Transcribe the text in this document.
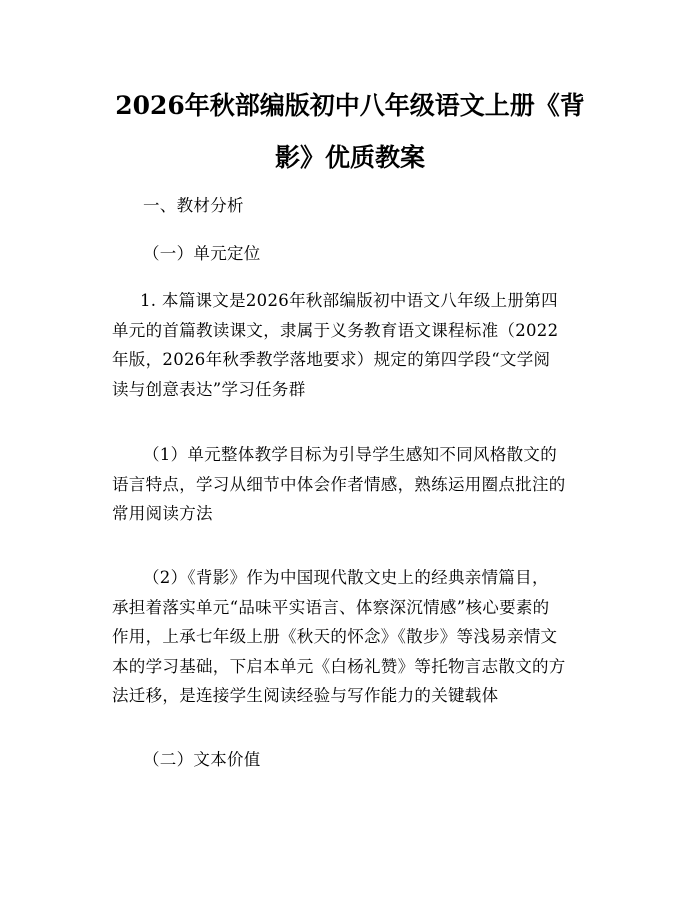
2026年秋部编版初中八年级语文上册《背
影》优质教案

一、教材分析

（一）单元定位

1. 本篇课文是2026年秋部编版初中语文八年级上册第四
单元的首篇教读课文，隶属于义务教育语文课程标准（2022
年版，2026年秋季教学落地要求）规定的第四学段“文学阅
读与创意表达”学习任务群

（1）单元整体教学目标为引导学生感知不同风格散文的
语言特点，学习从细节中体会作者情感，熟练运用圈点批注的
常用阅读方法

（2）《背影》作为中国现代散文史上的经典亲情篇目，
承担着落实单元“品味平实语言、体察深沉情感”核心要素的
作用，上承七年级上册《秋天的怀念》《散步》等浅易亲情文
本的学习基础，下启本单元《白杨礼赞》等托物言志散文的方
法迁移，是连接学生阅读经验与写作能力的关键载体

（二）文本价值
